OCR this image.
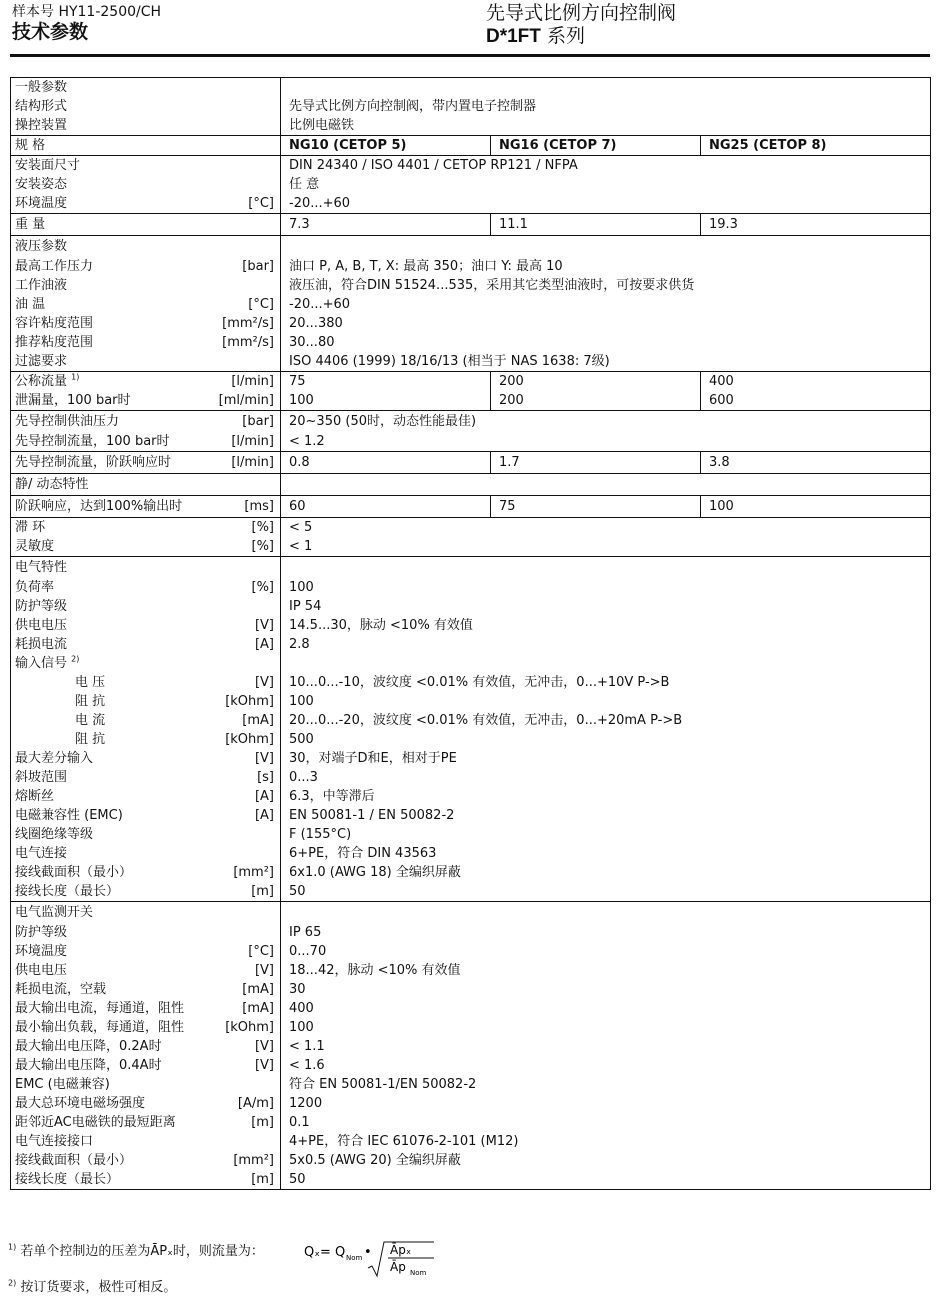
样本号 HY11-2500/CH
技术参数
先导式比例方向控制阀
D*1FT 系列
一般参数				
结构形式		先导式比例方向控制阀，带内置电子控制器		
操控装置		比例电磁铁		
规 格		NG10 (CETOP 5)	NG16 (CETOP 7)	NG25 (CETOP 8)
安装面尺寸		DIN 24340 / ISO 4401 / CETOP RP121 / NFPA		
安装姿态		任 意		
环境温度	[°C]	-20...+60		
重 量		7.3	11.1	19.3
液压参数				
最高工作压力	[bar]	油口 P, A, B, T, X: 最高 350；油口 Y: 最高 10		
工作油液		液压油，符合DIN 51524...535，采用其它类型油液时，可按要求供货		
油 温	[°C]	-20...+60		
容许粘度范围	[mm²/s]	20...380		
推荐粘度范围	[mm²/s]	30...80		
过滤要求		ISO 4406 (1999) 18/16/13 (相当于 NAS 1638: 7级)		
公称流量 $^{1)}$	[l/min]	75	200	400
泄漏量，100 bar时	[ml/min]	100	200	600
先导控制供油压力	[bar]	20~350 (50时，动态性能最佳)		
先导控制流量，100 bar时	[l/min]	< 1.2		
先导控制流量，阶跃响应时	[l/min]	0.8	1.7	3.8
静/ 动态特性				
阶跃响应，达到100%输出时	[ms]	60	75	100
滞 环	[%]	< 5		
灵敏度	[%]	< 1		
电气特性				
负荷率	[%]	100		
防护等级		IP 54		
供电电压	[V]	14.5...30，脉动 <10% 有效值		
耗损电流	[A]	2.8		
输入信号 $^{2)}$		
电 压	[V]	10...0...-10，波纹度 <0.01% 有效值，无冲击，0...+10V P->B		
阻 抗	[kOhm]	100		
电 流	[mA]	20...0...-20，波纹度 <0.01% 有效值，无冲击，0...+20mA P->B		
阻 抗	[kOhm]	500		
最大差分输入	[V]	30，对端子D和E，相对于PE		
斜坡范围	[s]	0...3		
熔断丝	[A]	6.3，中等滞后		
电磁兼容性 (EMC)	[A]	EN 50081-1 / EN 50082-2		
线圈绝缘等级		F (155°C)		
电气连接		6+PE，符合 DIN 43563		
接线截面积（最小）	[mm²]	6x1.0 (AWG 18) 全编织屏蔽		
接线长度（最长）	[m]	50		
电气监测开关				
防护等级		IP 65		
环境温度	[°C]	0...70		
供电电压	[V]	18...42，脉动 <10% 有效值		
耗损电流，空载	[mA]	30		
最大输出电流，每通道，阻性	[mA]	400		
最小输出负载，每通道，阻性	[kOhm]	100		
最大输出电压降，0.2A时	[V]	< 1.1		
最大输出电压降，0.4A时	[V]	< 1.6		
EMC (电磁兼容)		符合 EN 50081-1/EN 50082-2		
最大总环境电磁场强度	[A/m]	1200		
距邻近AC电磁铁的最短距离	[m]	0.1		
电气连接接口		4+PE，符合 IEC 61076-2-101 (M12)		
接线截面积（最小）	[mm²]	5x0.5 (AWG 20) 全编织屏蔽		
接线长度（最长）	[m]	50		
$^{1)}$ 若单个控制边的压差为ĀPₓ时，则流量为：	Qₓ= Q Nom • Āpₓ
Āp Nom
$^{2)}$ 按订货要求，极性可相反。
